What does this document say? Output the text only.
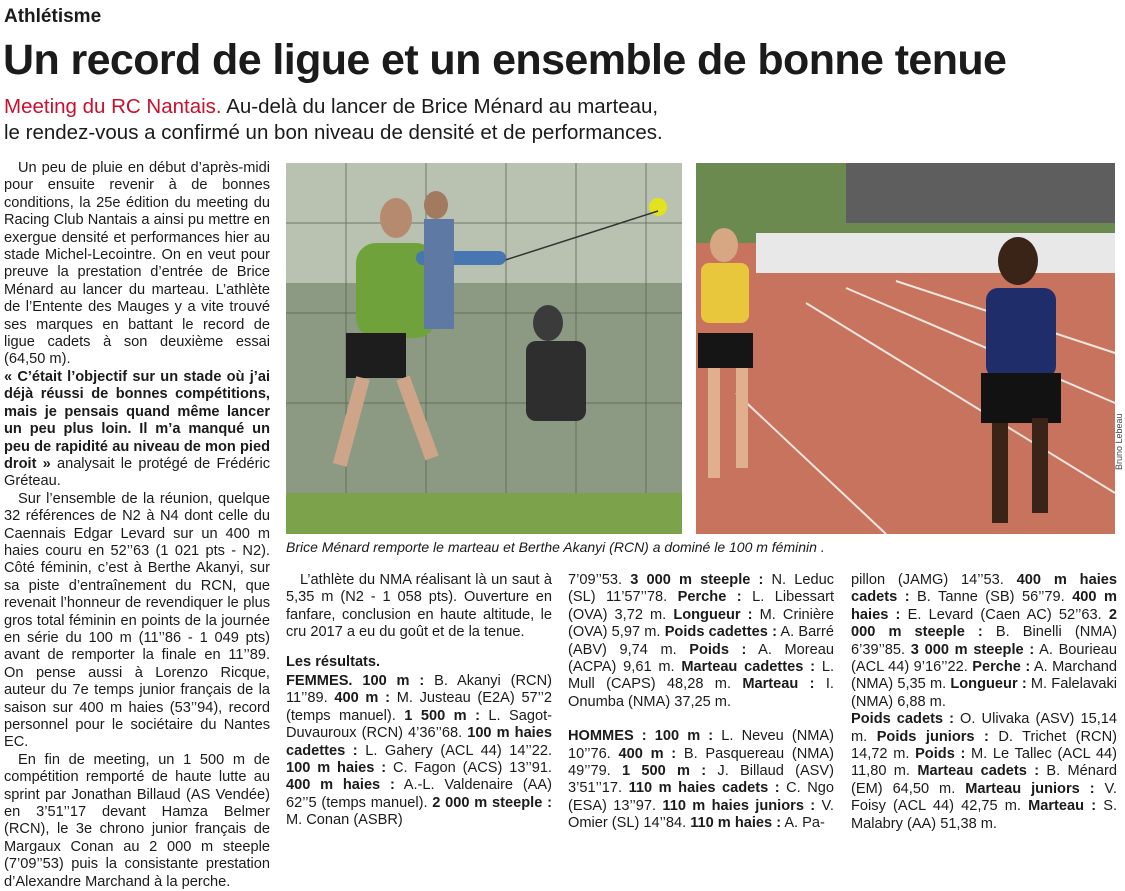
Athlétisme
Un record de ligue et un ensemble de bonne tenue
Meeting du RC Nantais. Au-delà du lancer de Brice Ménard au marteau,
le rendez-vous a confirmé un bon niveau de densité et de performances.

Un peu de pluie en début d’après-midi pour ensuite revenir à de bonnes conditions, la 25e édition du meeting du Racing Club Nantais a ainsi pu mettre en exergue densité et performances hier au stade Michel-Lecointre. On en veut pour preuve la prestation d’entrée de Brice Ménard au lancer du marteau. L’athlète de l’Entente des Mauges y a vite trouvé ses marques en battant le record de ligue cadets à son deuxième essai (64,50 m).
« C’était l’objectif sur un stade où j’ai déjà réussi de bonnes compétitions, mais je pensais quand même lancer un peu plus loin. Il m’a manqué un peu de rapidité au niveau de mon pied droit » analysait le protégé de Frédéric Gréteau.

Sur l’ensemble de la réunion, quelque 32 références de N2 à N4 dont celle du Caennais Edgar Levard sur un 400 m haies couru en 52’’63 (1 021 pts - N2). Côté féminin, c’est à Berthe Akanyi, sur sa piste d’entraînement du RCN, que revenait l’honneur de revendiquer le plus gros total féminin en points de la journée en série du 100 m (11’’86 - 1 049 pts) avant de remporter la finale en 11’’89. On pense aussi à Lorenzo Ricque, auteur du 7e temps junior français de la saison sur 400 m haies (53’’94), record personnel pour le sociétaire du Nantes EC.

En fin de meeting, un 1 500 m de compétition remporté de haute lutte au sprint par Jonathan Billaud (AS Vendée) en 3’51’’17 devant Hamza Belmer (RCN), le 3e chrono junior français de Margaux Conan au 2 000 m steeple (7’09’’53) puis la consistante prestation d’Alexandre Marchand à la perche.

Bruno Lebeau
Brice Ménard remporte le marteau et Berthe Akanyi (RCN) a dominé le 100 m féminin .

L’athlète du NMA réalisant là un saut à 5,35 m (N2 - 1 058 pts). Ouverture en fanfare, conclusion en haute altitude, le cru 2017 a eu du goût et de la tenue.

Les résultats.

FEMMES. 100 m : B. Akanyi (RCN) 11’’89. 400 m : M. Justeau (E2A) 57’’2 (temps manuel). 1 500 m : L. Sagot-Duvauroux (RCN) 4’36’’68. 100 m haies cadettes : L. Gahery (ACL 44) 14’’22. 100 m haies : C. Fagon (ACS) 13’’91. 400 m haies : A.-L. Valdenaire (AA) 62’’5 (temps manuel). 2 000 m steeple : M. Conan (ASBR)

7’09’’53. 3 000 m steeple : N. Leduc (SL) 11’57’’78. Perche : L. Libessart (OVA) 3,72 m. Longueur : M. Crinière (OVA) 5,97 m. Poids cadettes : A. Barré (ABV) 9,74 m. Poids : A. Moreau (ACPA) 9,61 m. Marteau cadettes : L. Mull (CAPS) 48,28 m. Marteau : I. Onumba (NMA) 37,25 m.

HOMMES : 100 m : L. Neveu (NMA) 10’’76. 400 m : B. Pasquereau (NMA) 49’’79. 1 500 m : J. Billaud (ASV) 3’51’’17. 110 m haies cadets : C. Ngo (ESA) 13’’97. 110 m haies juniors : V. Omier (SL) 14’’84. 110 m haies : A. Pa-

pillon (JAMG) 14’’53. 400 m haies cadets : B. Tanne (SB) 56’’79. 400 m haies : E. Levard (Caen AC) 52’’63. 2 000 m steeple : B. Binelli (NMA) 6’39’’85. 3 000 m steeple : A. Bourieau (ACL 44) 9’16’’22. Perche : A. Marchand (NMA) 5,35 m. Longueur : M. Falelavaki (NMA) 6,88 m.

Poids cadets : O. Ulivaka (ASV) 15,14 m. Poids juniors : D. Trichet (RCN) 14,72 m. Poids : M. Le Tallec (ACL 44) 11,80 m. Marteau cadets : B. Ménard (EM) 64,50 m. Marteau juniors : V. Foisy (ACL 44) 42,75 m. Marteau : S. Malabry (AA) 51,38 m.
